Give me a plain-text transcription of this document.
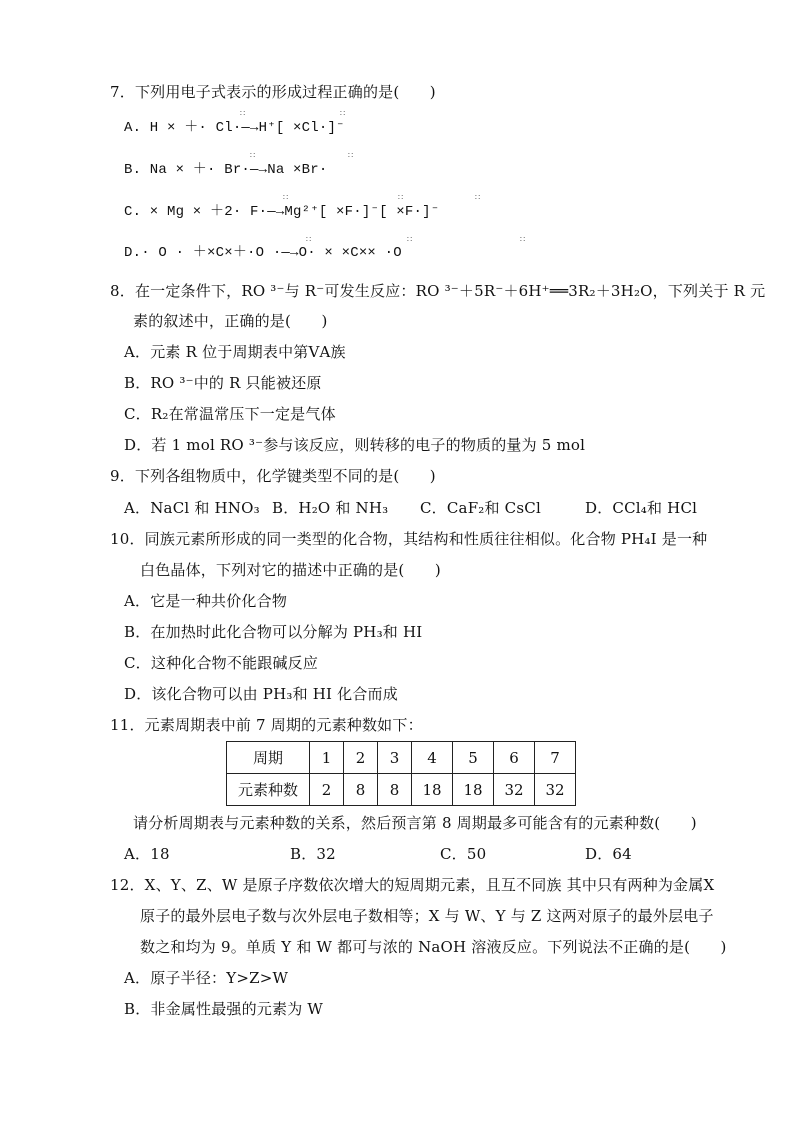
7．下列用电子式表示的形成过程正确的是(　　)
A. H × ＋· Cl·—→H⁺[ ×Cl·]⁻
B. Na × ＋· Br·—→Na ×Br·
C. × Mg × ＋2· F·—→Mg²⁺[ ×F·]⁻[ ×F·]⁻
D.· O · ＋×C×＋·O ·—→O· × ×C×× ·O
∷	∷
∷	∷
∷	∷	∷
∷	∷	∷
8．在一定条件下，RO ³⁻与 R⁻可发生反应：RO ³⁻＋5R⁻＋6H⁺══3R₂＋3H₂O，下列关于 R 元
素的叙述中，正确的是(　　)
A．元素 R 位于周期表中第ⅤA族
B．RO ³⁻中的 R 只能被还原
C．R₂在常温常压下一定是气体
D．若 1 mol RO ³⁻参与该反应，则转移的电子的物质的量为 5 mol
9．下列各组物质中，化学键类型不同的是(　　)
A．NaCl 和 HNO₃ B．H₂O 和 NH₃ C．CaF₂和 CsCl	D．CCl₄和 HCl
10．同族元素所形成的同一类型的化合物，其结构和性质往往相似。化合物 PH₄I 是一种
白色晶体，下列对它的描述中正确的是(　　)
A．它是一种共价化合物
B．在加热时此化合物可以分解为 PH₃和 HI
C．这种化合物不能跟碱反应
D．该化合物可以由 PH₃和 HI 化合而成
11．元素周期表中前 7 周期的元素种数如下：
周期	1	2	3	4	5	6	7
元素种数	2	8	8	18	18	32	32
请分析周期表与元素种数的关系，然后预言第 8 周期最多可能含有的元素种数(　　)
A．18	B．32	C．50	D．64
12．X、Y、Z、W 是原子序数依次增大的短周期元素，且互不同族 其中只有两种为金属X
原子的最外层电子数与次外层电子数相等；X 与 W、Y 与 Z 这两对原子的最外层电子
数之和均为 9。单质 Y 和 W 都可与浓的 NaOH 溶液反应。下列说法不正确的是(　　)
A．原子半径：Y>Z>W
B．非金属性最强的元素为 W
